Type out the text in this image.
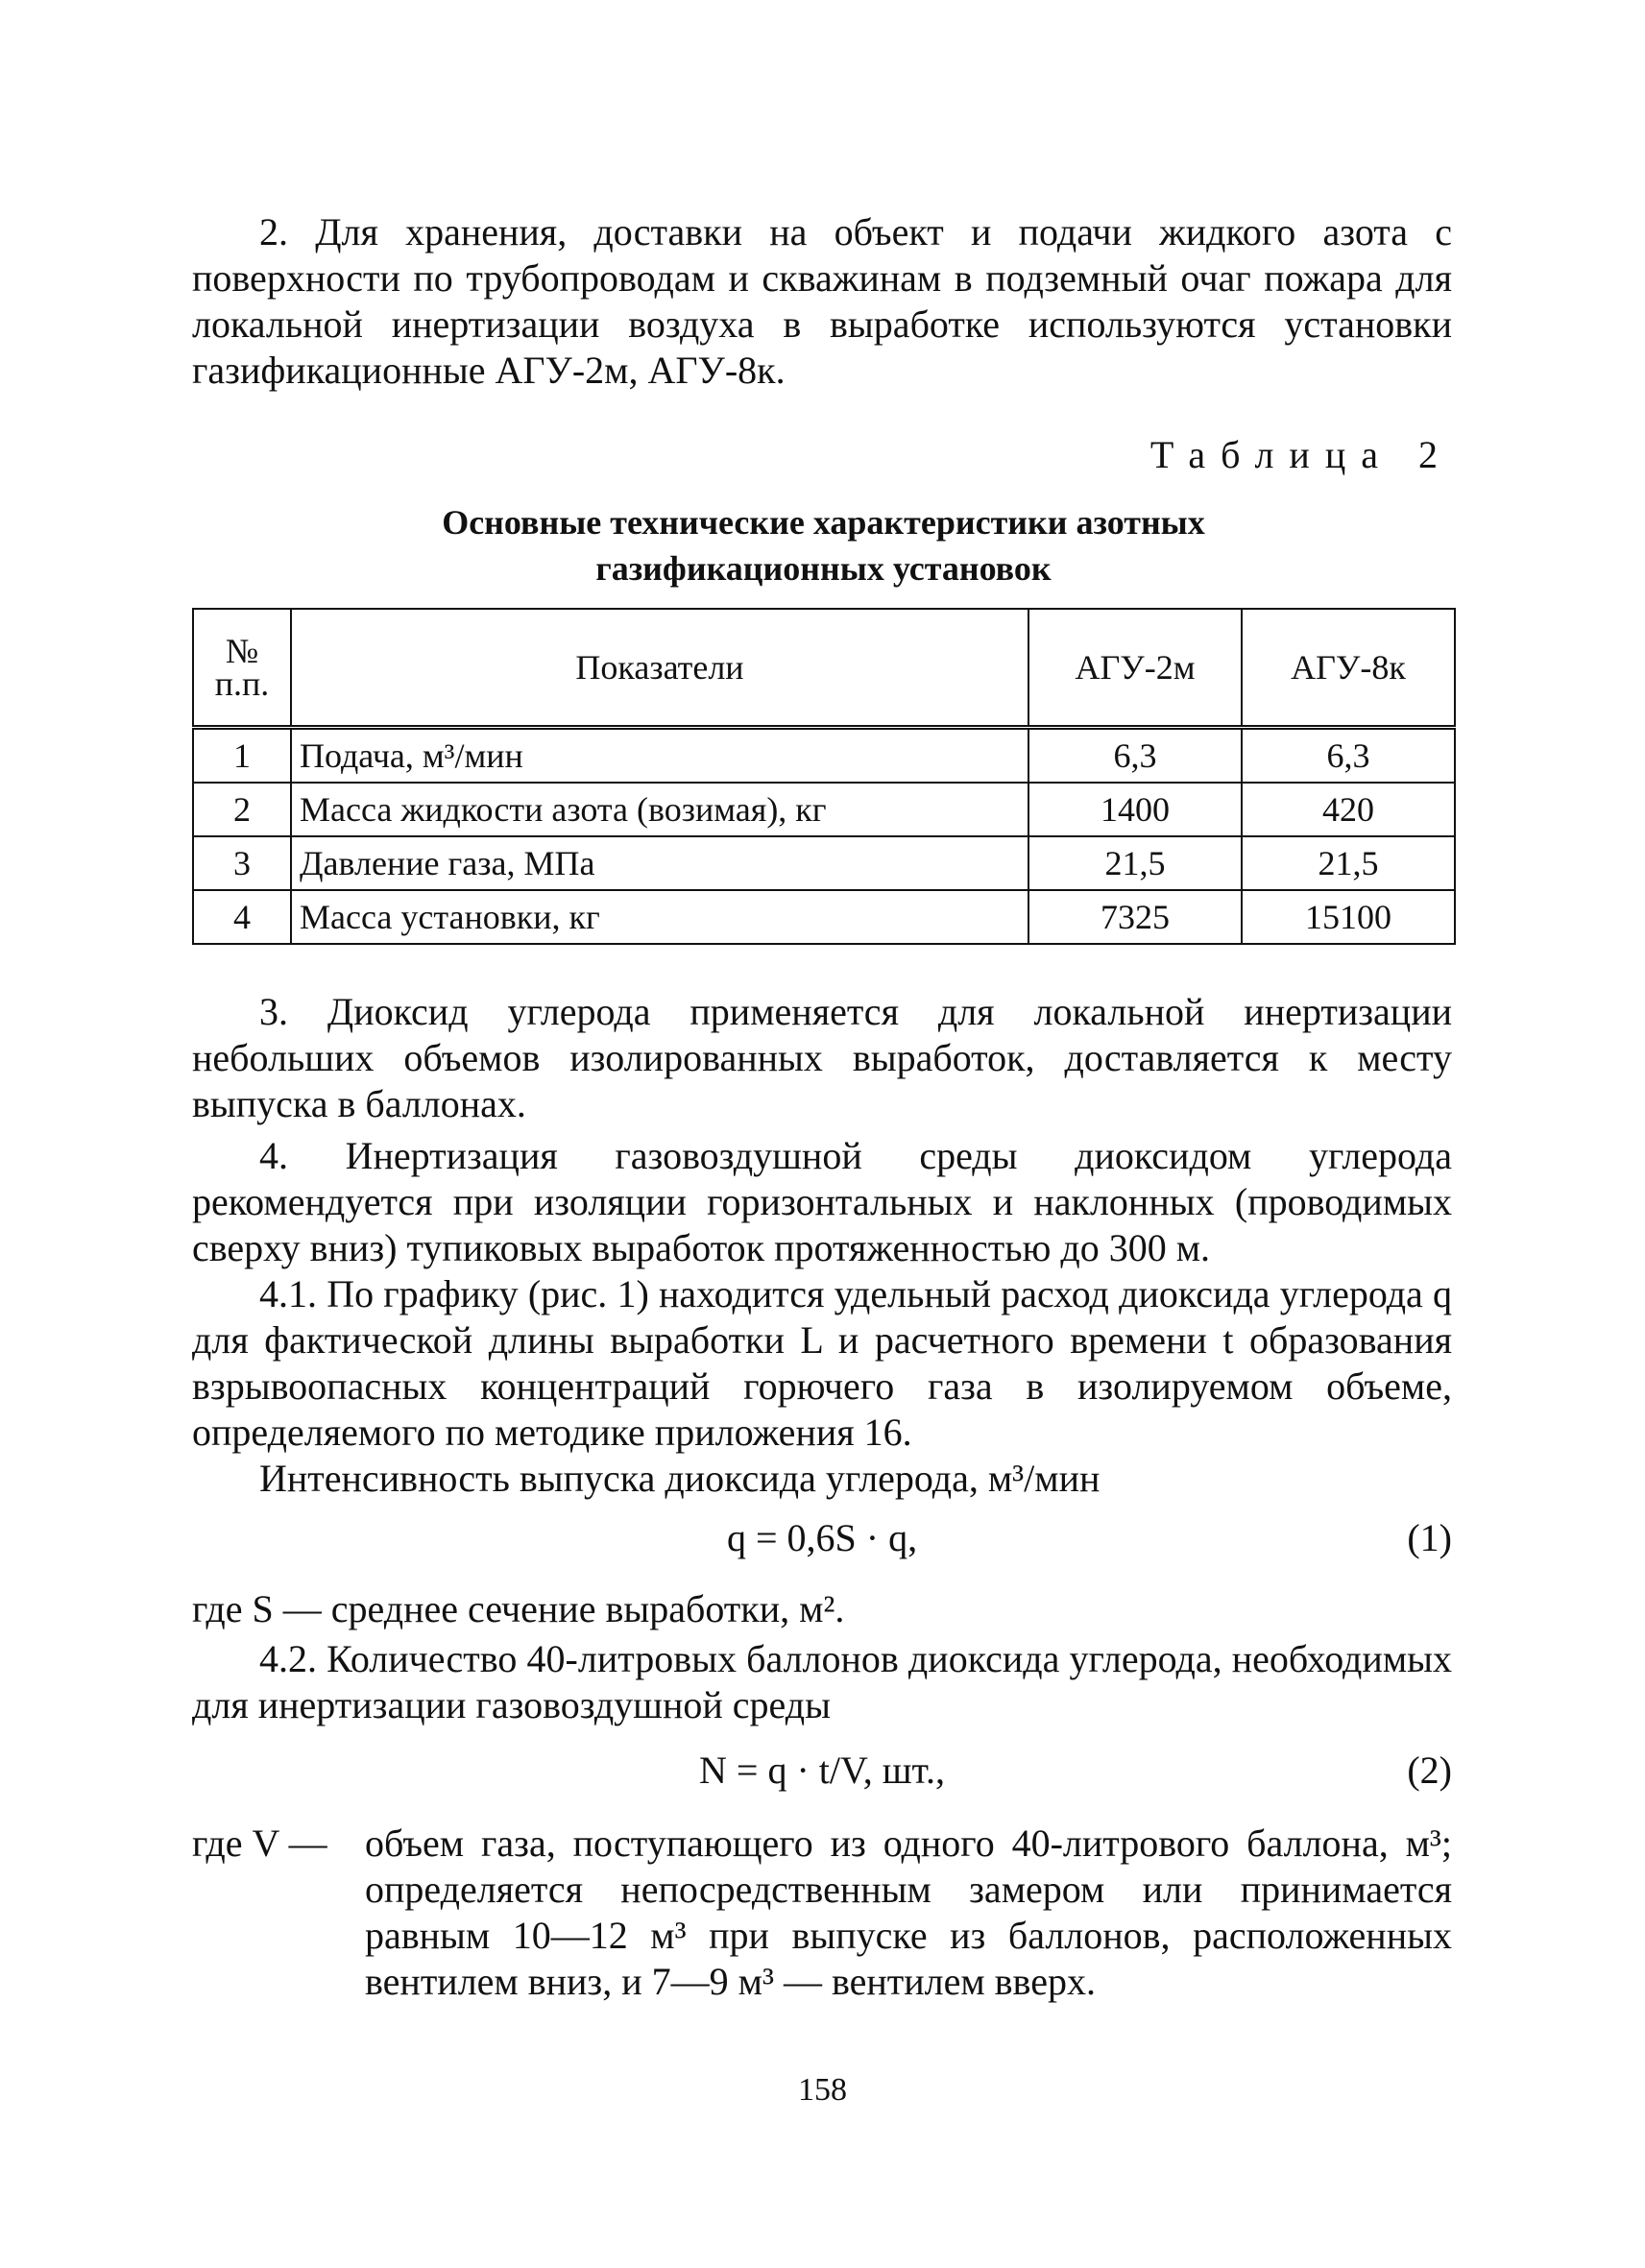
2. Для хранения, доставки на объект и подачи жидкого азота с поверхности по трубопроводам и скважинам в подземный очаг пожара для локальной инертизации воздуха в выработке используются установки газификационные АГУ-2м, АГУ-8к.

Таблица 2
Основные технические характеристики азотных
газификационных установок
№ п.п.	Показатели	АГУ-2м	АГУ-8к
1	Подача, м³/мин	6,3	6,3
2	Масса жидкости азота (возимая), кг	1400	420
3	Давление газа, МПа	21,5	21,5
4	Масса установки, кг	7325	15100

3. Диоксид углерода применяется для локальной инертизации небольших объемов изолированных выработок, доставляется к месту выпуска в баллонах.

4. Инертизация газовоздушной среды диоксидом углерода рекомендуется при изоляции горизонтальных и наклонных (проводимых сверху вниз) тупиковых выработок протяженностью до 300 м.

4.1. По графику (рис. 1) находится удельный расход диоксида углерода q для фактической длины выработки L и расчетного времени t образования взрывоопасных концентраций горючего газа в изолируемом объеме, определяемого по методике приложения 16.

Интенсивность выпуска диоксида углерода, м³/мин

q = 0,6S · q,	(1)

где S — среднее сечение выработки, м².

4.2. Количество 40-литровых баллонов диоксида углерода, необходимых для инертизации газовоздушной среды

N = q · t/V, шт.,	(2)
где V — объем газа, поступающего из одного 40-литрового баллона, м³; определяется непосредственным замером или принимается равным 10—12 м³ при выпуске из баллонов, расположенных вентилем вниз, и 7—9 м³ — вентилем вверх.
158
